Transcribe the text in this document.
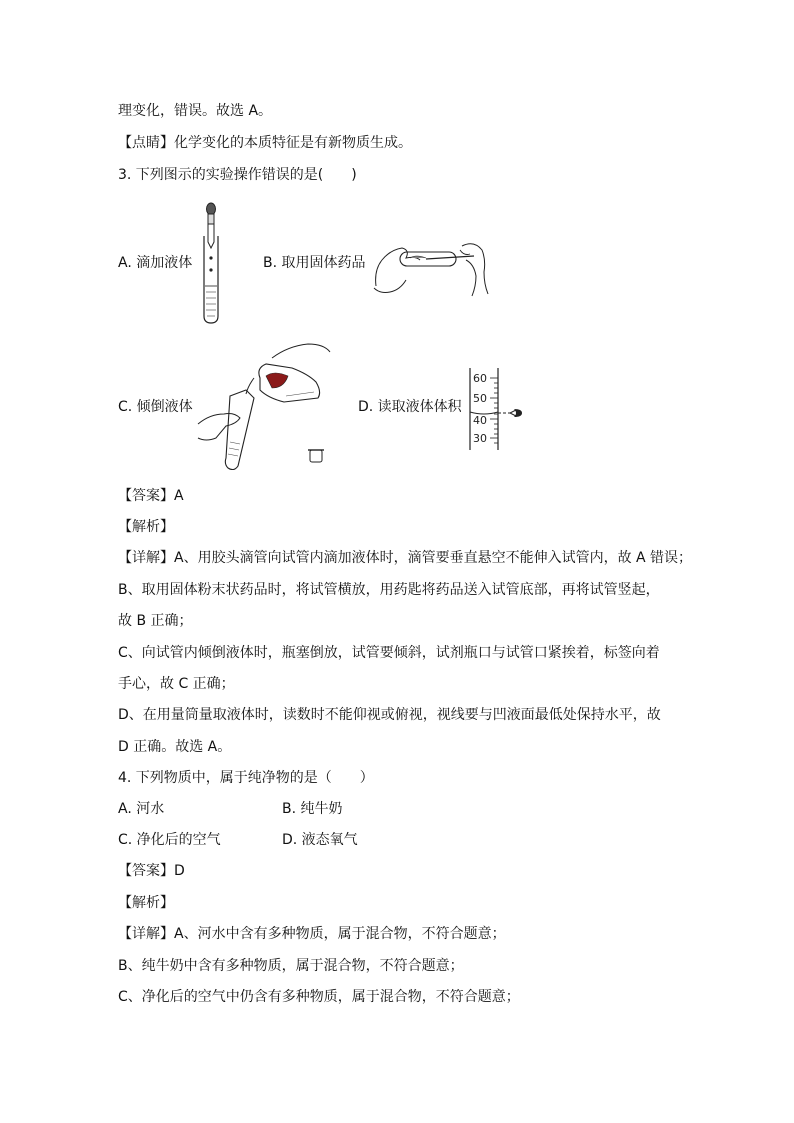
理变化，错误。故选 A。
【点睛】化学变化的本质特征是有新物质生成。
3. 下列图示的实验操作错误的是(　　)
A. 滴加液体	B. 取用固体药品
C. 倾倒液体	D. 读取液体体积
60
50
40
30
【答案】A
【解析】
【详解】A、用胶头滴管向试管内滴加液体时，滴管要垂直悬空不能伸入试管内，故 A 错误；
B、取用固体粉末状药品时，将试管横放，用药匙将药品送入试管底部，再将试管竖起，
故 B 正确；
C、向试管内倾倒液体时，瓶塞倒放，试管要倾斜，试剂瓶口与试管口紧挨着，标签向着
手心，故 C 正确；
D、在用量筒量取液体时，读数时不能仰视或俯视，视线要与凹液面最低处保持水平，故
D 正确。故选 A。
4. 下列物质中，属于纯净物的是（　　）
A. 河水	B. 纯牛奶
C. 净化后的空气	D. 液态氧气
【答案】D
【解析】
【详解】A、河水中含有多种物质，属于混合物，不符合题意；
B、纯牛奶中含有多种物质，属于混合物，不符合题意；
C、净化后的空气中仍含有多种物质，属于混合物，不符合题意；
